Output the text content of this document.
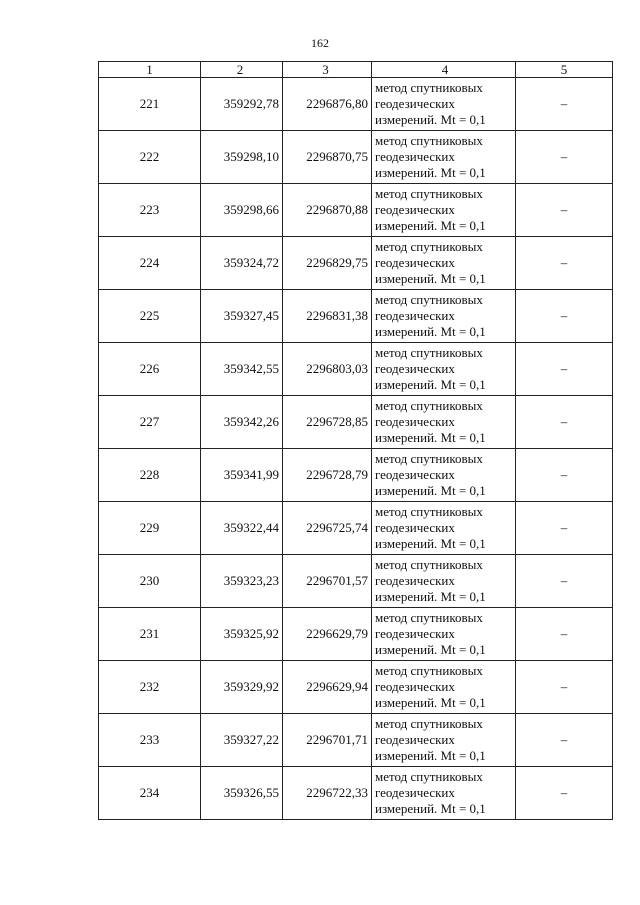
162
1	2	3	4	5
221	359292,78	2296876,80	метод спутниковых геодезических измерений. Mt = 0,1	–
222	359298,10	2296870,75	метод спутниковых геодезических измерений. Mt = 0,1	–
223	359298,66	2296870,88	метод спутниковых геодезических измерений. Mt = 0,1	–
224	359324,72	2296829,75	метод спутниковых геодезических измерений. Mt = 0,1	–
225	359327,45	2296831,38	метод спутниковых геодезических измерений. Mt = 0,1	–
226	359342,55	2296803,03	метод спутниковых геодезических измерений. Mt = 0,1	–
227	359342,26	2296728,85	метод спутниковых геодезических измерений. Mt = 0,1	–
228	359341,99	2296728,79	метод спутниковых геодезических измерений. Mt = 0,1	–
229	359322,44	2296725,74	метод спутниковых геодезических измерений. Mt = 0,1	–
230	359323,23	2296701,57	метод спутниковых геодезических измерений. Mt = 0,1	–
231	359325,92	2296629,79	метод спутниковых геодезических измерений. Mt = 0,1	–
232	359329,92	2296629,94	метод спутниковых геодезических измерений. Mt = 0,1	–
233	359327,22	2296701,71	метод спутниковых геодезических измерений. Mt = 0,1	–
234	359326,55	2296722,33	метод спутниковых геодезических измерений. Mt = 0,1	–
